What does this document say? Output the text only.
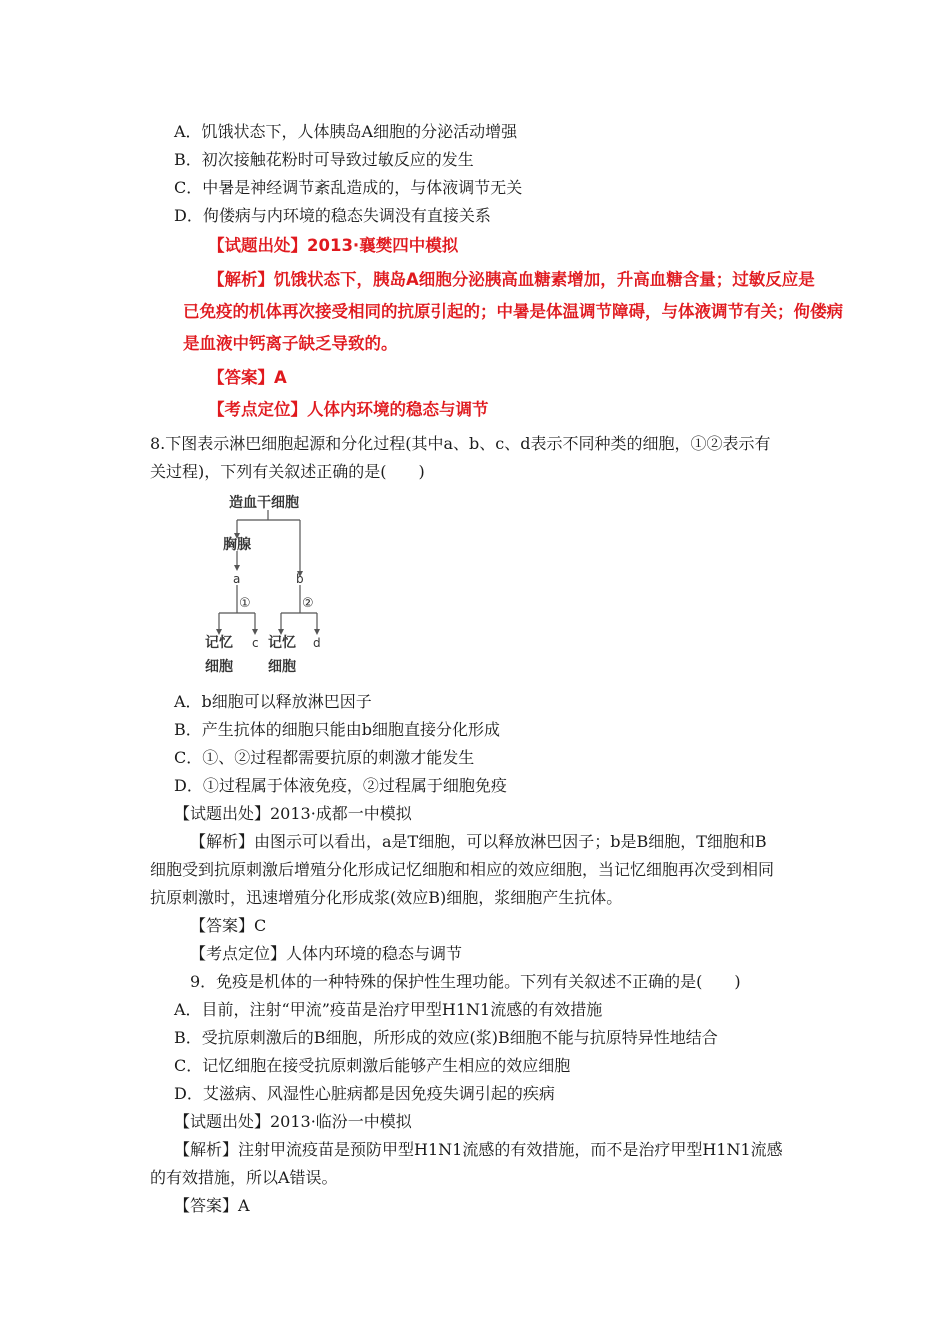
A．饥饿状态下，人体胰岛A细胞的分泌活动增强
B．初次接触花粉时可导致过敏反应的发生
C．中暑是神经调节紊乱造成的，与体液调节无关
D．佝偻病与内环境的稳态失调没有直接关系
【试题出处】2013·襄樊四中模拟
【解析】饥饿状态下，胰岛A细胞分泌胰高血糖素增加，升高血糖含量；过敏反应是
已免疫的机体再次接受相同的抗原引起的；中暑是体温调节障碍，与体液调节有关；佝偻病
是血液中钙离子缺乏导致的。
【答案】A
【考点定位】人体内环境的稳态与调节
8.下图表示淋巴细胞起源和分化过程(其中a、b、c、d表示不同种类的细胞，①②表示有
关过程)，下列有关叙述正确的是(　　)
造血干细胞
胸腺
a	b
①	②
记忆
细胞
c 记忆
细胞
d
A．b细胞可以释放淋巴因子
B．产生抗体的细胞只能由b细胞直接分化形成
C．①、②过程都需要抗原的刺激才能发生
D．①过程属于体液免疫，②过程属于细胞免疫
【试题出处】2013·成都一中模拟
【解析】由图示可以看出，a是T细胞，可以释放淋巴因子；b是B细胞，T细胞和B
细胞受到抗原刺激后增殖分化形成记忆细胞和相应的效应细胞，当记忆细胞再次受到相同
抗原刺激时，迅速增殖分化形成浆(效应B)细胞，浆细胞产生抗体。
【答案】C
【考点定位】人体内环境的稳态与调节
9．免疫是机体的一种特殊的保护性生理功能。下列有关叙述不正确的是(　　)
A．目前，注射“甲流”疫苗是治疗甲型H1N1流感的有效措施
B．受抗原刺激后的B细胞，所形成的效应(浆)B细胞不能与抗原特异性地结合
C．记忆细胞在接受抗原刺激后能够产生相应的效应细胞
D．艾滋病、风湿性心脏病都是因免疫失调引起的疾病
【试题出处】2013·临汾一中模拟
【解析】注射甲流疫苗是预防甲型H1N1流感的有效措施，而不是治疗甲型H1N1流感
的有效措施，所以A错误。
【答案】A
